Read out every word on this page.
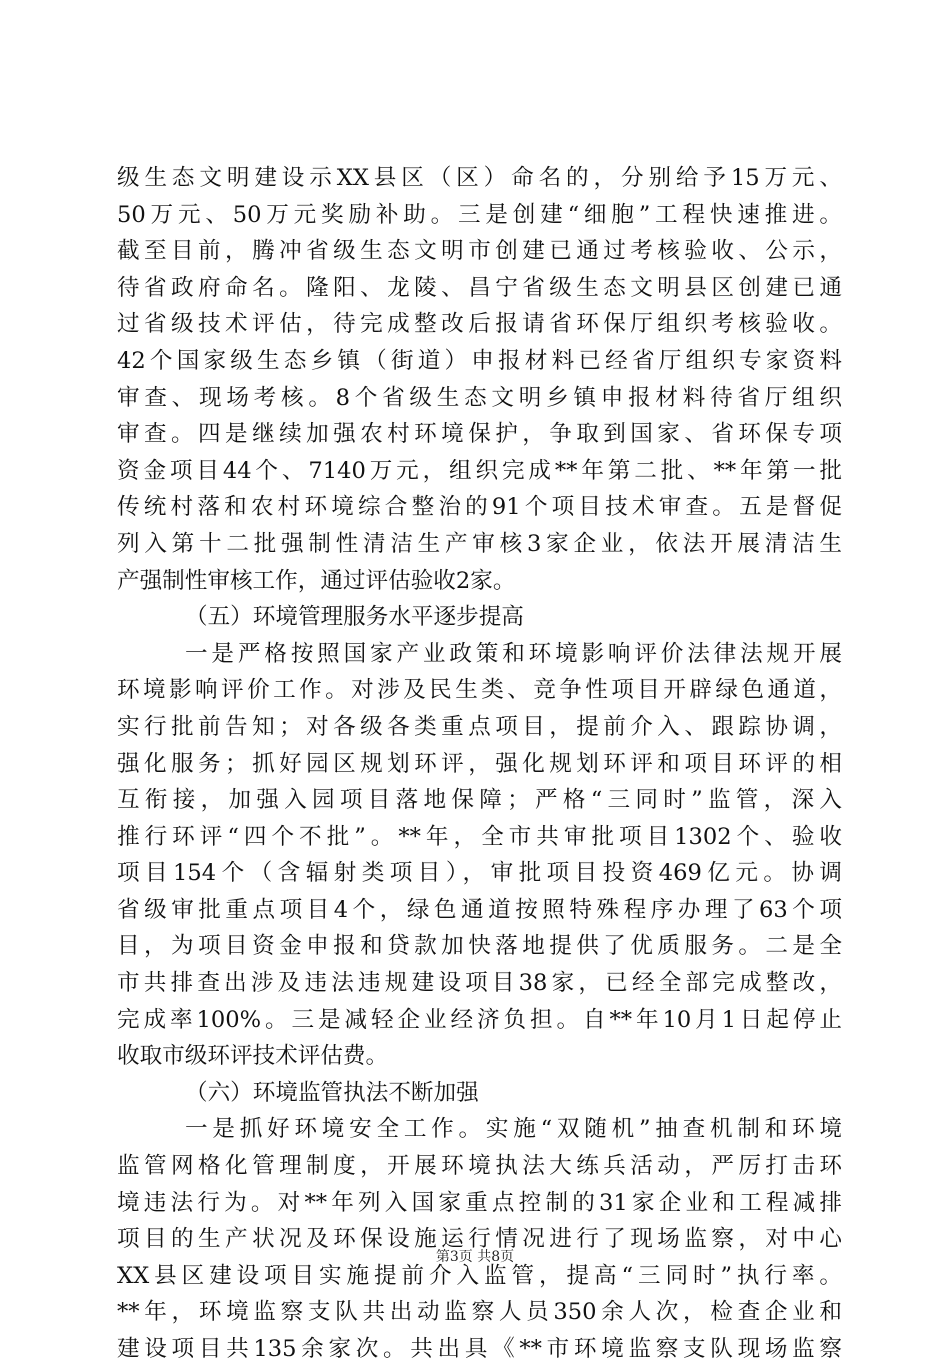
级生态文明建设示XX县区（区）命名的，分别给予15万元、
50万元、50万元奖励补助。三是创建“细胞”工程快速推进。
截至目前，腾冲省级生态文明市创建已通过考核验收、公示，
待省政府命名。隆阳、龙陵、昌宁省级生态文明县区创建已通
过省级技术评估，待完成整改后报请省环保厅组织考核验收。
42个国家级生态乡镇（街道）申报材料已经省厅组织专家资料
审查、现场考核。8个省级生态文明乡镇申报材料待省厅组织
审查。四是继续加强农村环境保护，争取到国家、省环保专项
资金项目44个、7140万元，组织完成**年第二批、**年第一批
传统村落和农村环境综合整治的91个项目技术审查。五是督促
列入第十二批强制性清洁生产审核3家企业，依法开展清洁生
产强制性审核工作，通过评估验收2家。
（五）环境管理服务水平逐步提高
一是严格按照国家产业政策和环境影响评价法律法规开展
环境影响评价工作。对涉及民生类、竞争性项目开辟绿色通道，
实行批前告知；对各级各类重点项目，提前介入、跟踪协调，
强化服务；抓好园区规划环评，强化规划环评和项目环评的相
互衔接，加强入园项目落地保障；严格“三同时”监管，深入
推行环评“四个不批”。**年，全市共审批项目1302个、验收
项目154个（含辐射类项目），审批项目投资469亿元。协调
省级审批重点项目4个，绿色通道按照特殊程序办理了63个项
目，为项目资金申报和贷款加快落地提供了优质服务。二是全
市共排查出涉及违法违规建设项目38家，已经全部完成整改，
完成率100%。三是减轻企业经济负担。自**年10月1日起停止
收取市级环评技术评估费。
（六）环境监管执法不断加强
一是抓好环境安全工作。实施“双随机”抽查机制和环境
监管网格化管理制度，开展环境执法大练兵活动，严厉打击环
境违法行为。对**年列入国家重点控制的31家企业和工程减排
项目的生产状况及环保设施运行情况进行了现场监察，对中心
XX县区建设项目实施提前介入监管，提高“三同时”执行率。
**年，环境监察支队共出动监察人员350余人次，检查企业和
建设项目共135余家次。共出具《**市环境监察支队现场监察
第3页 共8页
